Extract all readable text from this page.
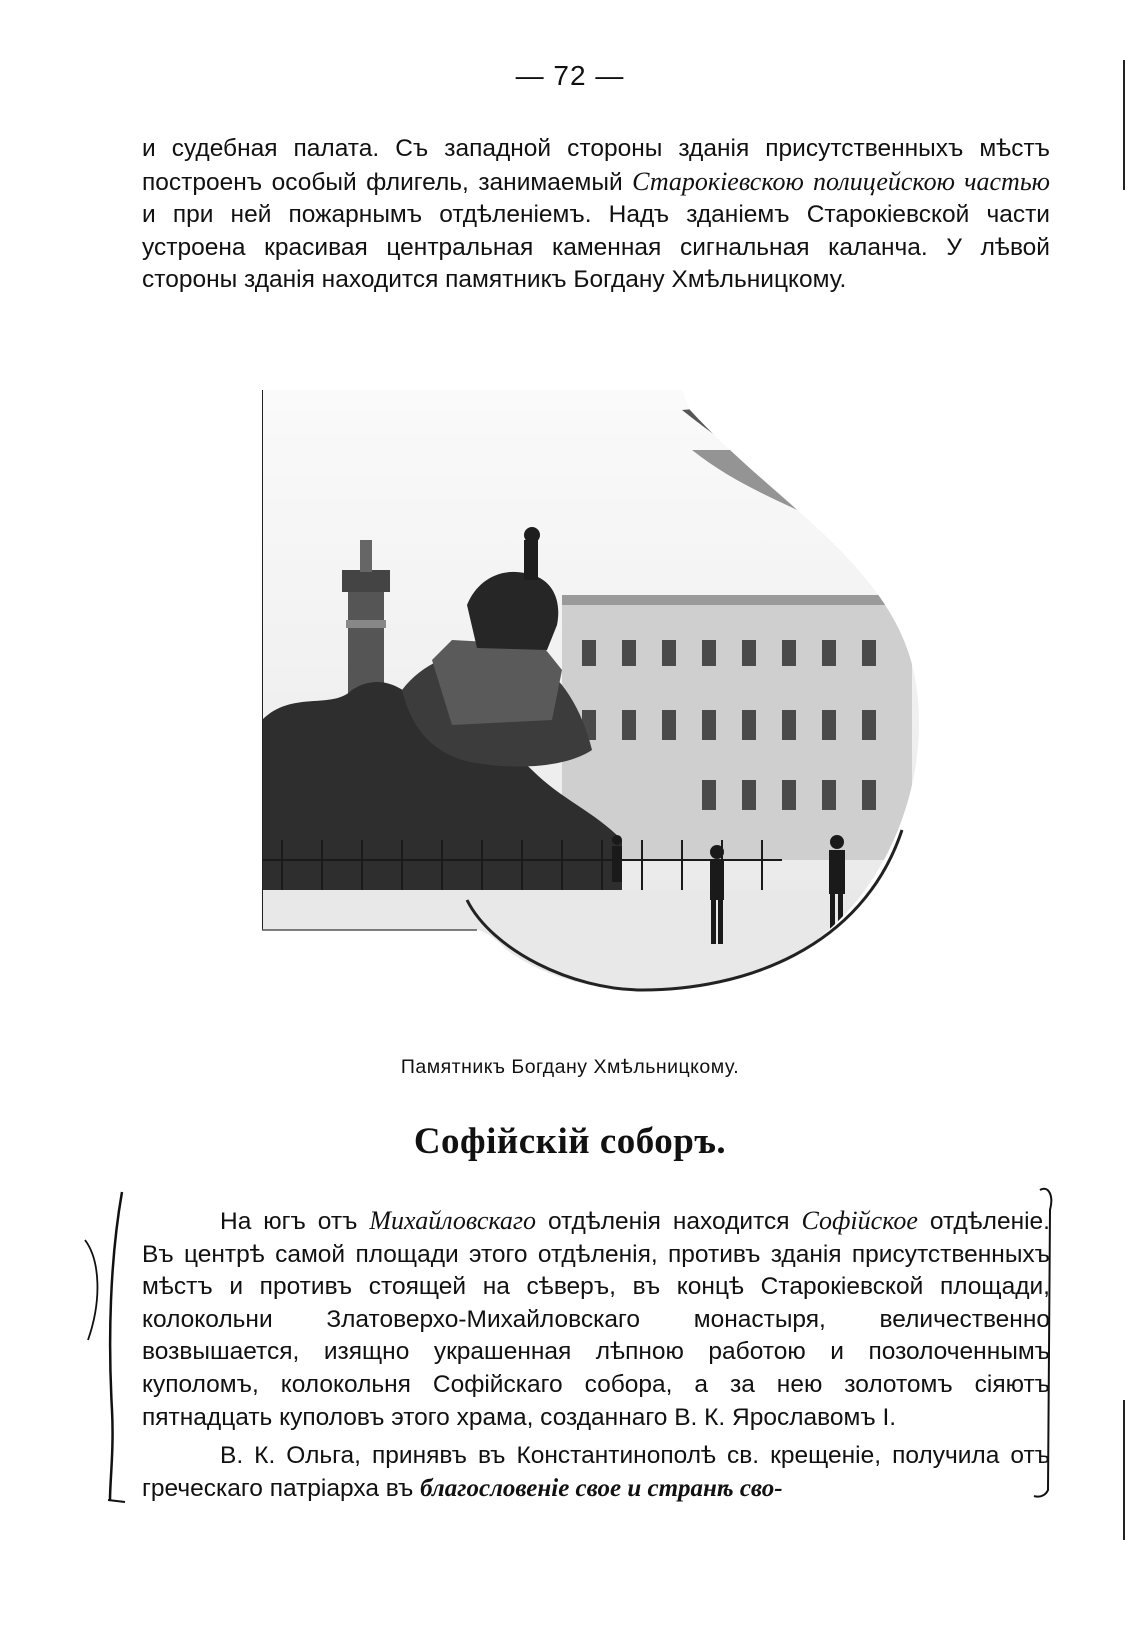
— 72 —

и судебная палата. Съ западной стороны зданія присутственныхъ мѣстъ построенъ особый флигель, занимаемый Старокіевскою полицейскою частью и при ней пожарнымъ отдѣленіемъ. Надъ зданіемъ Старокіевской части устроена красивая центральная каменная сигнальная каланча. У лѣвой стороны зданія находится памятникъ Богдану Хмѣльницкому.

Памятникъ Богдану Хмѣльницкому.
Софійскій соборъ.

На югъ отъ Михайловскаго отдѣленія находится Софійское отдѣленіе. Въ центрѣ самой площади этого отдѣленія, противъ зданія присутственныхъ мѣстъ и противъ стоящей на сѣверъ, въ концѣ Старокіевской площади, колокольни Златоверхо-Михайловскаго монастыря, величественно возвышается, изящно украшенная лѣпною работою и позолоченнымъ куполомъ, колокольня Софійскаго собора, а за нею золотомъ сіяютъ пятнадцать куполовъ этого храма, созданнаго В. К. Ярославомъ I.

В. К. Ольга, принявъ въ Константинополѣ св. крещеніе, получила отъ греческаго патріарха въ благословеніе свое и странѣ сво-
